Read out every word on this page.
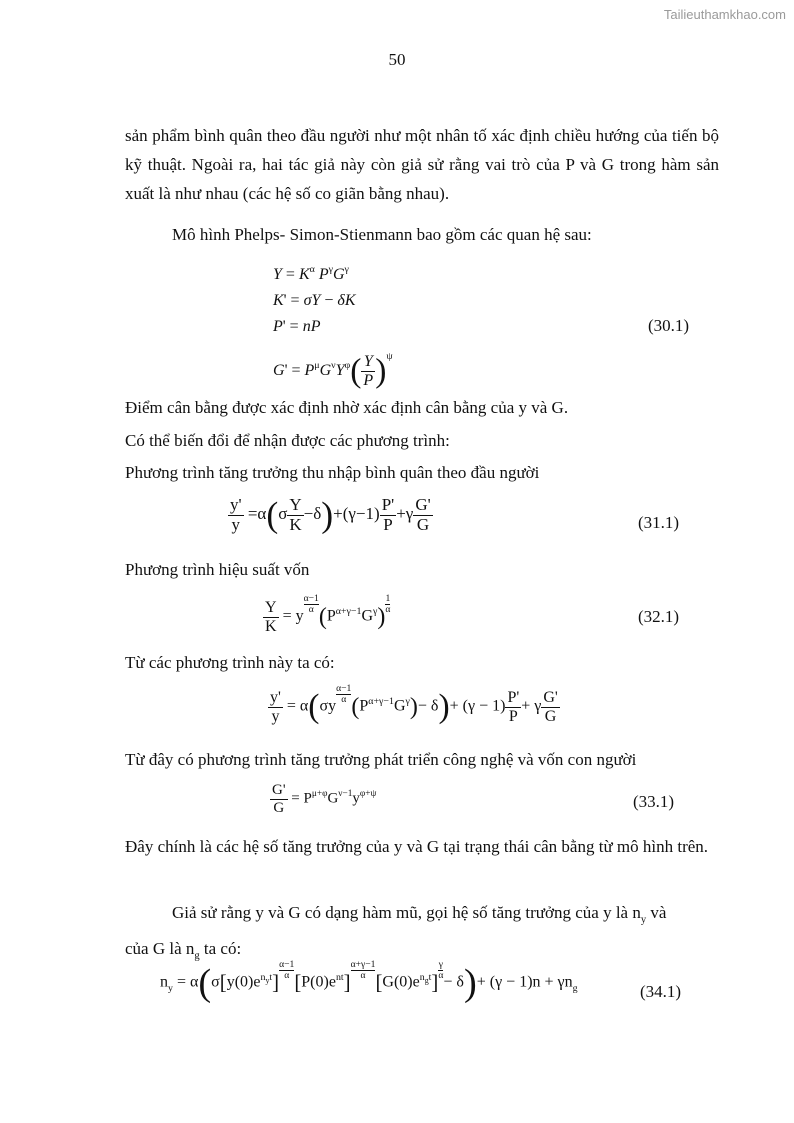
Tailieuthamkhao.com
50
sản phẩm bình quân theo đầu người như một nhân tố xác định chiều hướng của tiến bộ kỹ thuật. Ngoài ra, hai tác giả này còn giả sử rằng vai trò của P và G trong hàm sản xuất là như nhau (các hệ số co giãn bằng nhau).
Mô hình Phelps- Simon-Stienmann bao gồm các quan hệ sau:
$Y = K^\alpha$ $P^\gamma G^\gamma$
K' = σY − δK
P' = nP
$G' = P^\mu G^\nu Y^\varphi( \frac{Y}{P} )^\psi$
(30.1)
Điểm cân bằng được xác định nhờ xác định cân bằng của y và G.
Có thể biến đổi để nhận được các phương trình:
Phương trình tăng trưởng thu nhập bình quân theo đầu người
$\frac{y'}{y} =\alpha(\sigma \frac{Y}{K} -\delta)+(\gamma-1) \frac{P'}{P} +\gamma \frac{G'}{G}$	(31.1)
Phương trình hiệu suất vốn
$\frac{Y}{K} = y$
$\frac{\alpha-1}{\alpha} (P^{\alpha+\gamma-1}G^\gamma) \frac{1}{\alpha}$
(32.1)
Từ các phương trình này ta có:
$\frac{y'}{y} = \alpha(\sigma y$
$\frac{\alpha-1}{\alpha} (P^{\alpha+\gamma-1}G^\gamma)- \delta)+ (\gamma - 1) \frac{P'}{P} + \gamma \frac{G'}{G}$
Từ đây có phương trình tăng trưởng phát triển công nghệ và vốn con người
$\frac{G'}{G} = P^{\mu+\varphi}G^{\nu-1}y^{\varphi+\psi}$	(33.1)
Đây chính là các hệ số tăng trưởng của y và G tại trạng thái cân bằng từ mô hình trên.
Giả sử rằng y và G có dạng hàm mũ, gọi hệ số tăng trưởng của y là $n_y$ và
của G là $n_g$ ta có:
$n_y = \alpha(\sigma[y(0)e^{n_yt}]$
$\frac{\alpha-1}{\alpha}$
$[P(0)e^{nt}]$
$\frac{\alpha+\gamma-1}{\alpha}$
$[G(0)e^{n_gt}]$
$\frac{\gamma}{\alpha}$
− $\delta)+ (\gamma - 1)n + \gamma n_g$	(34.1)
